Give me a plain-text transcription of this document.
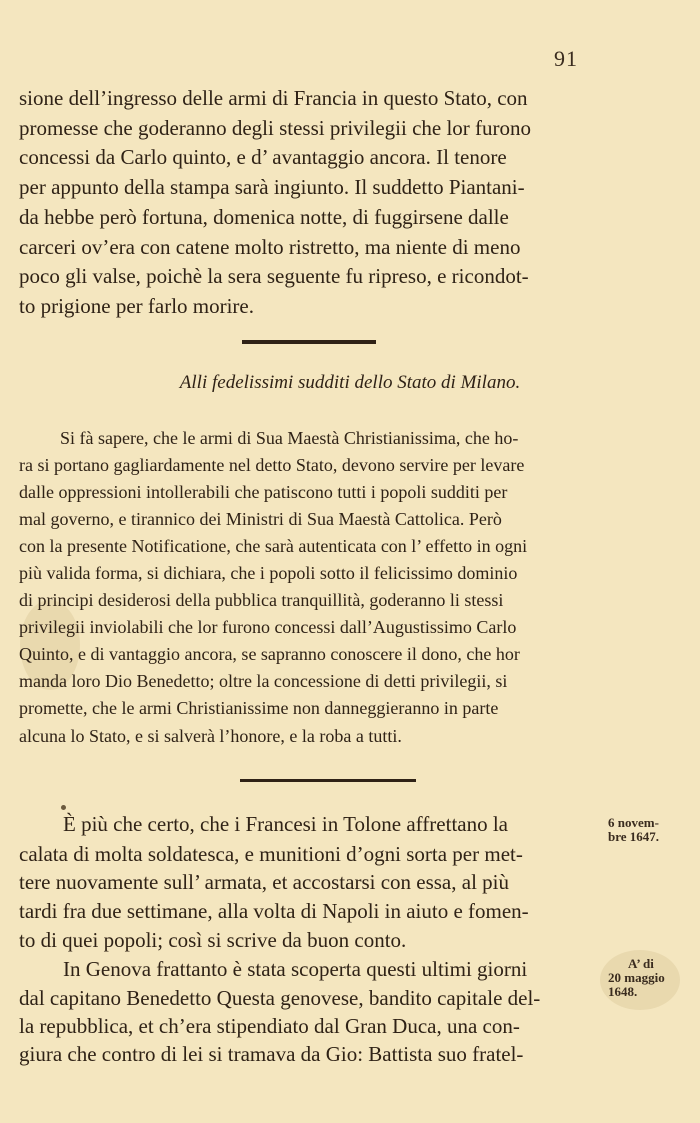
91

sione dell’ingresso delle armi di Francia in questo Stato, con

promesse che goderanno degli stessi privilegii che lor furono

concessi da Carlo quinto, e d’ avantaggio ancora. Il tenore

per appunto della stampa sarà ingiunto. Il suddetto Piantani-

da hebbe però fortuna, domenica notte, di fuggirsene dalle

carceri ov’era con catene molto ristretto, ma niente di meno

poco gli valse, poichè la sera seguente fu ripreso, e ricondot-

to prigione per farlo morire.

Alli fedelissimi sudditi dello Stato di Milano.

Si fà sapere, che le armi di Sua Maestà Christianissima, che ho-

ra si portano gagliardamente nel detto Stato, devono servire per levare

dalle oppressioni intollerabili che patiscono tutti i popoli sudditi per

mal governo, e tirannico dei Ministri di Sua Maestà Cattolica. Però

con la presente Notificatione, che sarà autenticata con l’ effetto in ogni

più valida forma, si dichiara, che i popoli sotto il felicissimo dominio

di principi desiderosi della pubblica tranquillità, goderanno li stessi

privilegii inviolabili che lor furono concessi dall’Augustissimo Carlo

Quinto, e di vantaggio ancora, se sapranno conoscere il dono, che hor

manda loro Dio Benedetto; oltre la concessione di detti privilegii, si

promette, che le armi Christianissime non danneggieranno in parte

alcuna lo Stato, e si salverà l’honore, e la roba a tutti.

È più che certo, che i Francesi in Tolone affrettano la

calata di molta soldatesca, e munitioni d’ogni sorta per met-

tere nuovamente sull’ armata, et accostarsi con essa, al più

tardi fra due settimane, alla volta di Napoli in aiuto e fomen-

to di quei popoli; così si scrive da buon conto.

In Genova frattanto è stata scoperta questi ultimi giorni

dal capitano Benedetto Questa genovese, bandito capitale del-

la repubblica, et ch’era stipendiato dal Gran Duca, una con-

giura che contro di lei si tramava da Gio: Battista suo fratel-

6 novem-
bre 1647.
A’ di
20 maggio
1648.
